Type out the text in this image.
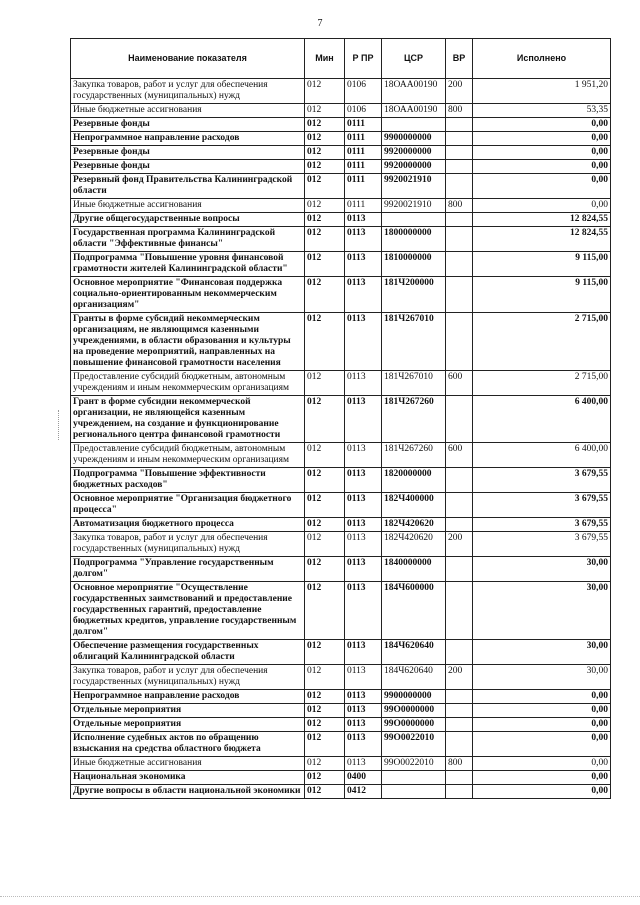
7
Наименование показателя	Мин	Р ПР	ЦСР	ВР	Исполнено
Закупка товаров, работ и услуг для обеспечения государственных (муниципальных) нужд	012	0106	18ОАА00190	200	1 951,20
Иные бюджетные ассигнования	012	0106	18ОАА00190	800	53,35
Резервные фонды	012	0111			0,00
Непрограммное направление расходов	012	0111	9900000000		0,00
Резервные фонды	012	0111	9920000000		0,00
Резервные фонды	012	0111	9920000000		0,00
Резервный фонд Правительства Калининградской области	012	0111	9920021910		0,00
Иные бюджетные ассигнования	012	0111	9920021910	800	0,00
Другие общегосударственные вопросы	012	0113			12 824,55
Государственная программа Калининградской области "Эффективные финансы"	012	0113	1800000000		12 824,55
Подпрограмма "Повышение уровня финансовой грамотности жителей Калининградской области"	012	0113	1810000000		9 115,00
Основное мероприятие "Финансовая поддержка социально-ориентированным некоммерческим организациям"	012	0113	181Ч200000		9 115,00
Гранты в форме субсидий некоммерческим организациям, не являющимся казенными учреждениями, в области образования и культуры на проведение мероприятий, направленных на повышение финансовой грамотности населения	012	0113	181Ч267010		2 715,00
Предоставление субсидий бюджетным, автономным учреждениям и иным некоммерческим организациям	012	0113	181Ч267010	600	2 715,00
Грант в форме субсидии некоммерческой организации, не являющейся казенным учреждением, на создание и функционирование регионального центра финансовой грамотности	012	0113	181Ч267260		6 400,00
Предоставление субсидий бюджетным, автономным учреждениям и иным некоммерческим организациям	012	0113	181Ч267260	600	6 400,00
Подпрограмма "Повышение эффективности бюджетных расходов"	012	0113	1820000000		3 679,55
Основное мероприятие "Организация бюджетного процесса"	012	0113	182Ч400000		3 679,55
Автоматизация бюджетного процесса	012	0113	182Ч420620		3 679,55
Закупка товаров, работ и услуг для обеспечения государственных (муниципальных) нужд	012	0113	182Ч420620	200	3 679,55
Подпрограмма "Управление государственным долгом"	012	0113	1840000000		30,00
Основное мероприятие "Осуществление государственных заимствований и предоставление государственных гарантий, предоставление бюджетных кредитов, управление государственным долгом"	012	0113	184Ч600000		30,00
Обеспечение размещения государственных облигаций Калининградской области	012	0113	184Ч620640		30,00
Закупка товаров, работ и услуг для обеспечения государственных (муниципальных) нужд	012	0113	184Ч620640	200	30,00
Непрограммное направление расходов	012	0113	9900000000		0,00
Отдельные мероприятия	012	0113	99О0000000		0,00
Отдельные мероприятия	012	0113	99О0000000		0,00
Исполнение судебных актов по обращению взыскания на средства областного бюджета	012	0113	99О0022010		0,00
Иные бюджетные ассигнования	012	0113	99О0022010	800	0,00
Национальная экономика	012	0400			0,00
Другие вопросы в области национальной экономики	012	0412			0,00
